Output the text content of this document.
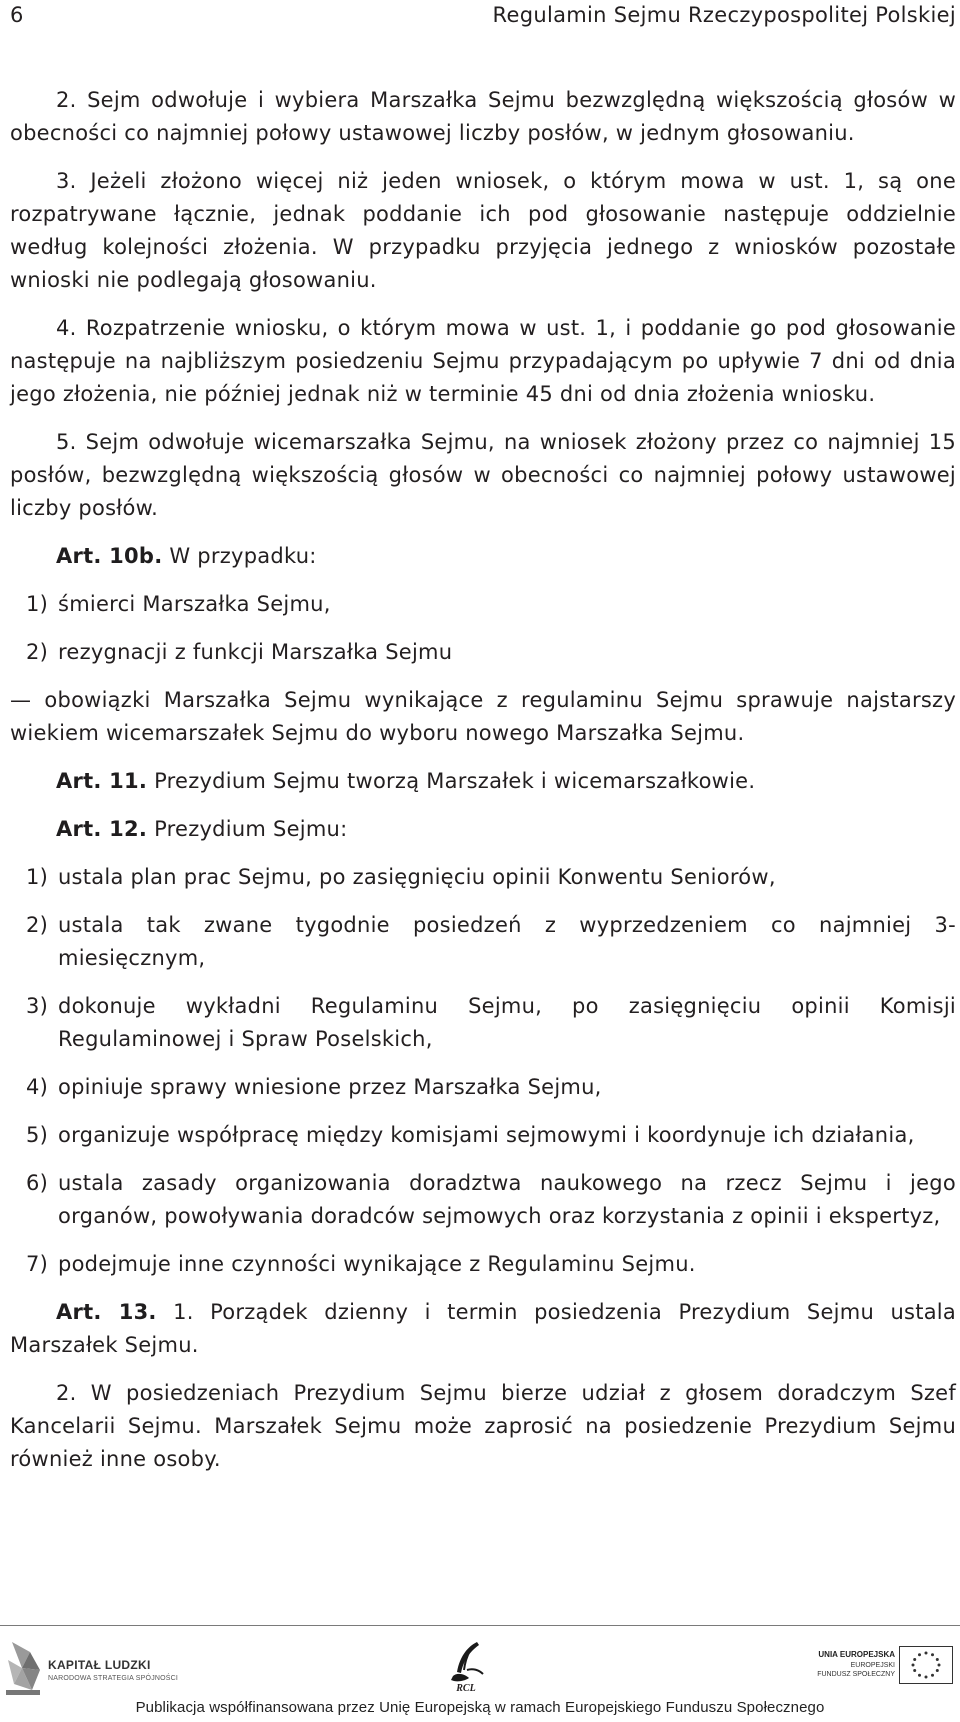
6	Regulamin Sejmu Rzeczypospolitej Polskiej

2. Sejm odwołuje i wybiera Marszałka Sejmu bezwzględną większością głosów w obecności co najmniej połowy ustawowej liczby posłów, w jednym głosowaniu.

3. Jeżeli złożono więcej niż jeden wniosek, o którym mowa w ust. 1, są one rozpatrywane łącznie, jednak poddanie ich pod głosowanie następuje oddzielnie według kolejności złożenia. W przypadku przyjęcia jednego z wniosków pozostałe wnioski nie podlegają głosowaniu.

4. Rozpatrzenie wniosku, o którym mowa w ust. 1, i poddanie go pod głosowanie następuje na najbliższym posiedzeniu Sejmu przypadającym po upływie 7 dni od dnia jego złożenia, nie później jednak niż w terminie 45 dni od dnia złożenia wniosku.

5. Sejm odwołuje wicemarszałka Sejmu, na wniosek złożony przez co najmniej 15 posłów, bezwzględną większością głosów w obecności co najmniej połowy ustawowej liczby posłów.

Art. 10b. W przypadku:

1) śmierci Marszałka Sejmu,
2) rezygnacji z funkcji Marszałka Sejmu

— obowiązki Marszałka Sejmu wynikające z regulaminu Sejmu sprawuje najstarszy wiekiem wicemarszałek Sejmu do wyboru nowego Marszałka Sejmu.

Art. 11. Prezydium Sejmu tworzą Marszałek i wicemarszałkowie.

Art. 12. Prezydium Sejmu:

1) ustala plan prac Sejmu, po zasięgnięciu opinii Konwentu Seniorów,
2) ustala tak zwane tygodnie posiedzeń z wyprzedzeniem co najmniej 3-miesięcznym,
3) dokonuje wykładni Regulaminu Sejmu, po zasięgnięciu opinii Komisji Regulaminowej i Spraw Poselskich,
4) opiniuje sprawy wniesione przez Marszałka Sejmu,
5) organizuje współpracę między komisjami sejmowymi i koordynuje ich działania,
6) ustala zasady organizowania doradztwa naukowego na rzecz Sejmu i jego organów, powoływania doradców sejmowych oraz korzystania z opinii i ekspertyz,
7) podejmuje inne czynności wynikające z Regulaminu Sejmu.

Art. 13. 1. Porządek dzienny i termin posiedzenia Prezydium Sejmu ustala Marszałek Sejmu.

2. W posiedzeniach Prezydium Sejmu bierze udział z głosem doradczym Szef Kancelarii Sejmu. Marszałek Sejmu może zaprosić na posiedzenie Prezydium Sejmu również inne osoby.

KAPITAŁ LUDZKI
NARODOWA STRATEGIA SPÓJNOŚCI
RCL
UNIA EUROPEJSKA
EUROPEJSKI
FUNDUSZ SPOŁECZNY
Publikacja współfinansowana przez Unię Europejską w ramach Europejskiego Funduszu Społecznego
